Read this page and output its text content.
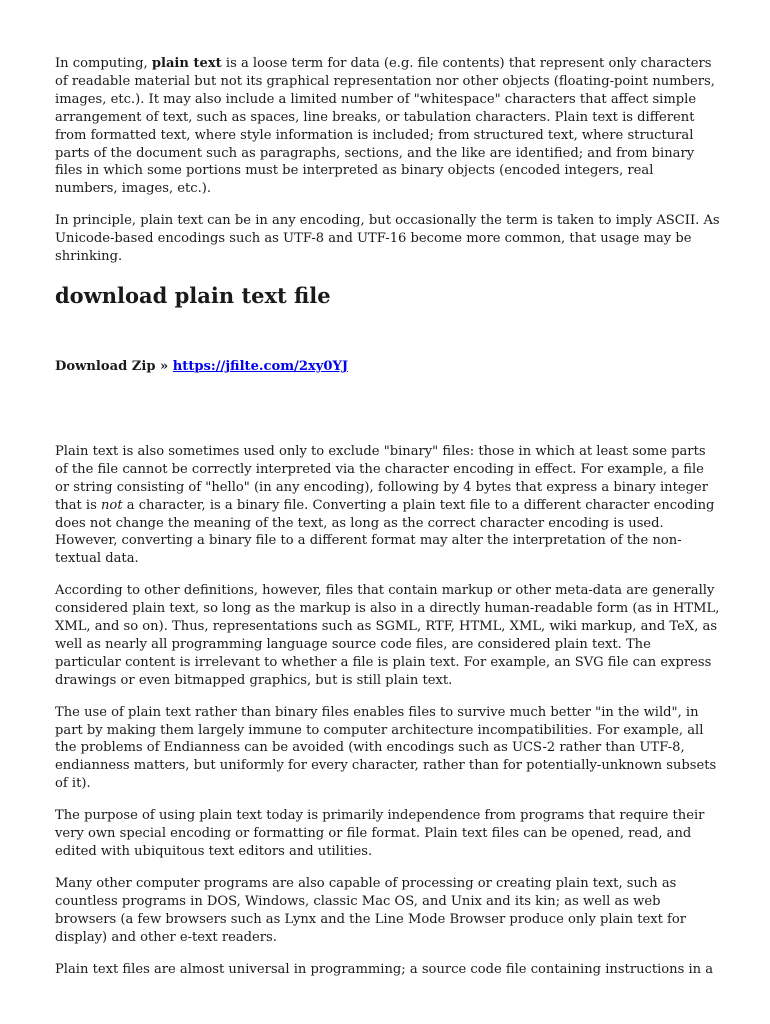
In computing, plain text is a loose term for data (e.g. file contents) that represent only characters of readable material but not its graphical representation nor other objects (floating-point numbers, images, etc.). It may also include a limited number of "whitespace" characters that affect simple arrangement of text, such as spaces, line breaks, or tabulation characters. Plain text is different from formatted text, where style information is included; from structured text, where structural parts of the document such as paragraphs, sections, and the like are identified; and from binary files in which some portions must be interpreted as binary objects (encoded integers, real numbers, images, etc.).

In principle, plain text can be in any encoding, but occasionally the term is taken to imply ASCII. As Unicode-based encodings such as UTF-8 and UTF-16 become more common, that usage may be shrinking.

download plain text file

Download Zip » https://jfilte.com/2xy0YJ

Plain text is also sometimes used only to exclude "binary" files: those in which at least some parts of the file cannot be correctly interpreted via the character encoding in effect. For example, a file or string consisting of "hello" (in any encoding), following by 4 bytes that express a binary integer that is not a character, is a binary file. Converting a plain text file to a different character encoding does not change the meaning of the text, as long as the correct character encoding is used. However, converting a binary file to a different format may alter the interpretation of the non-textual data.

According to other definitions, however, files that contain markup or other meta-data are generally considered plain text, so long as the markup is also in a directly human-readable form (as in HTML, XML, and so on). Thus, representations such as SGML, RTF, HTML, XML, wiki markup, and TeX, as well as nearly all programming language source code files, are considered plain text. The particular content is irrelevant to whether a file is plain text. For example, an SVG file can express drawings or even bitmapped graphics, but is still plain text.

The use of plain text rather than binary files enables files to survive much better "in the wild", in part by making them largely immune to computer architecture incompatibilities. For example, all the problems of Endianness can be avoided (with encodings such as UCS-2 rather than UTF-8, endianness matters, but uniformly for every character, rather than for potentially-unknown subsets of it).

The purpose of using plain text today is primarily independence from programs that require their very own special encoding or formatting or file format. Plain text files can be opened, read, and edited with ubiquitous text editors and utilities.

Many other computer programs are also capable of processing or creating plain text, such as countless programs in DOS, Windows, classic Mac OS, and Unix and its kin; as well as web browsers (a few browsers such as Lynx and the Line Mode Browser produce only plain text for display) and other e-text readers.

Plain text files are almost universal in programming; a source code file containing instructions in a
